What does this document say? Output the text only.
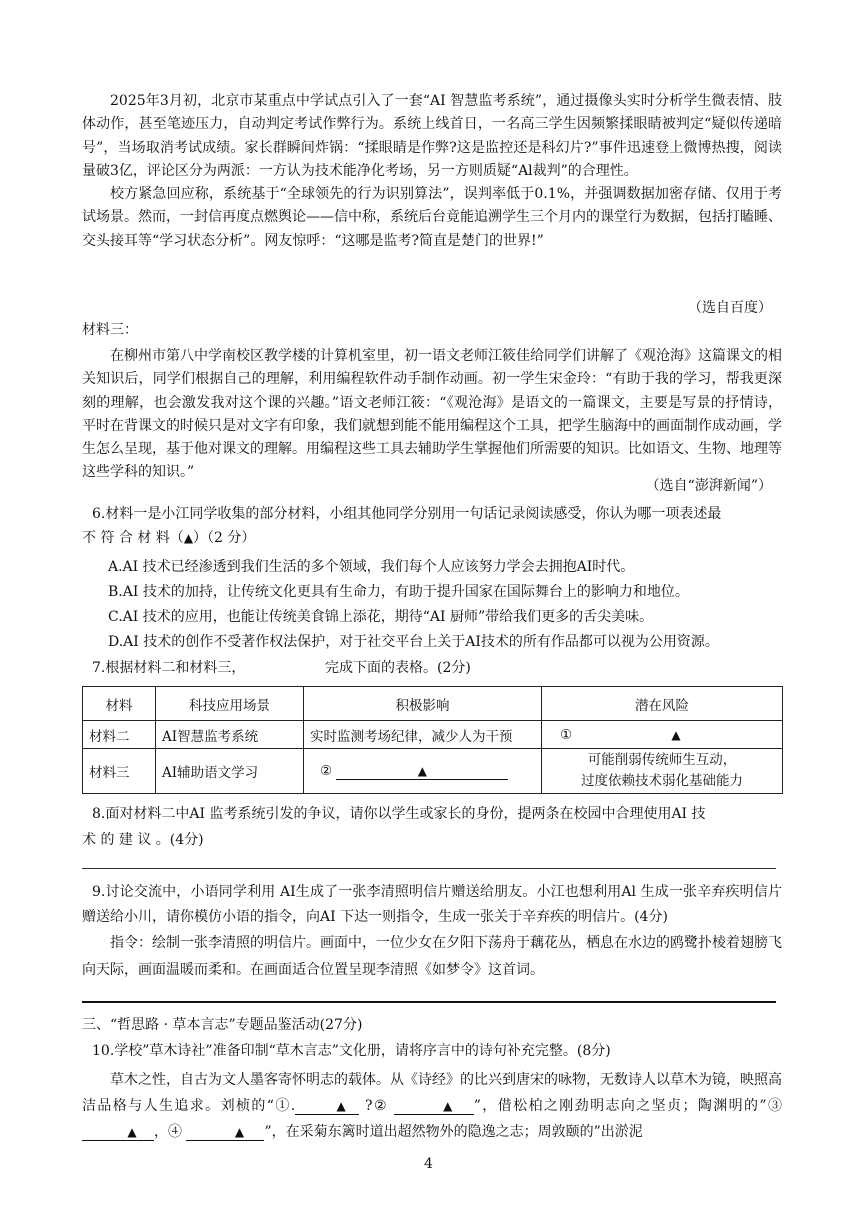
2025年3月初，北京市某重点中学试点引入了一套“AI 智慧监考系统”，通过摄像头实时分析学生微表情、肢体动作，甚至笔迹压力，自动判定考试作弊行为。系统上线首日，一名高三学生因频繁揉眼睛被判定“疑似传递暗号”，当场取消考试成绩。家长群瞬间炸锅：“揉眼睛是作弊?这是监控还是科幻片?”事件迅速登上微博热搜，阅读量破3亿，评论区分为两派：一方认为技术能净化考场，另一方则质疑“Al裁判”的合理性。

校方紧急回应称，系统基于“全球领先的行为识别算法”，误判率低于0.1%，并强调数据加密存储、仅用于考试场景。然而，一封信再度点燃舆论——信中称，系统后台竟能追溯学生三个月内的课堂行为数据，包括打瞌睡、交头接耳等“学习状态分析”。网友惊呼：“这哪是监考?简直是楚门的世界!”

（选自百度）
材料三：

在柳州市第八中学南校区教学楼的计算机室里，初一语文老师江筱佳给同学们讲解了《观沧海》这篇课文的相关知识后，同学们根据自己的理解，利用编程软件动手制作动画。初一学生宋金玲：“有助于我的学习，帮我更深刻的理解，也会激发我对这个课的兴趣。”语文老师江筱：“《观沧海》是语文的一篇课文，主要是写景的抒情诗，平时在背课文的时候只是对文字有印象，我们就想到能不能用编程这个工具，把学生脑海中的画面制作成动画，学生怎么呈现，基于他对课文的理解。用编程这些工具去辅助学生掌握他们所需要的知识。比如语文、生物、地理等这些学科的知识。”

（选自“澎湃新闻”）
6.材料一是小江同学收集的部分材料，小组其他同学分别用一句话记录阅读感受，你认为哪一项表述最
不 符 合 材 料（▲）（2 分）
A.AI 技术已经渗透到我们生活的多个领域，我们每个人应该努力学会去拥抱AI时代。
B.AI 技术的加持，让传统文化更具有生命力，有助于提升国家在国际舞台上的影响力和地位。
C.AI 技术的应用，也能让传统美食锦上添花，期待“AI 厨师”带给我们更多的舌尖美味。
D.AI 技术的创作不受著作权法保护，对于社交平台上关于AI技术的所有作品都可以视为公用资源。
7.根据材料二和材料三，	完成下面的表格。(2分)
材料	科技应用场景	积极影响	潜在风险
材料二	AI智慧监考系统	实时监测考场纪律，减少人为干预	① ▲
材料三	AI辅助语文学习	② ▲	可能削弱传统师生互动，
过度依赖技术弱化基础能力
8.面对材料二中AI 监考系统引发的争议，请你以学生或家长的身份，提两条在校园中合理使用AI 技
术 的 建 议 。(4分)

9.讨论交流中，小语同学利用 AI生成了一张李清照明信片赠送给朋友。小江也想利用Al 生成一张辛弃疾明信片赠送给小川，请你模仿小语的指令，向AI 下达一则指令，生成一张关于辛弃疾的明信片。(4分)

指令：绘制一张李清照的明信片。画面中，一位少女在夕阳下荡舟于藕花丛，栖息在水边的鸥鹭扑棱着翅膀飞向天际，画面温暖而柔和。在画面适合位置呈现李清照《如梦令》这首词。

三、“哲思路 · 草本言志”专题品鉴活动(27分)
10.学校”草木诗社”准备印制“草木言志”文化册，请将序言中的诗句补充完整。(8分)

草木之性，自古为文人墨客寄怀明志的载体。从《诗经》的比兴到唐宋的咏物，无数诗人以草木为镜，映照高洁品格与人生追求。刘桢的“①.	▲ ?②	▲ ”，借松柏之刚劲明志向之坚贞；陶渊明的”③ ▲ ，④	▲ ”，在采菊东篱时道出超然物外的隐逸之志；周敦颐的”出淤泥

4
